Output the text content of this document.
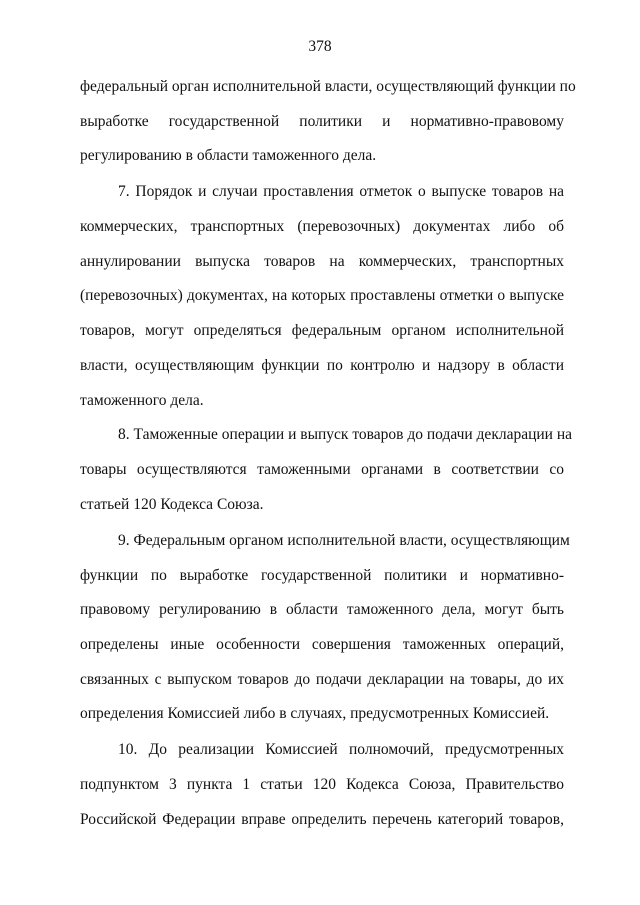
378
федеральный орган исполнительной власти, осуществляющий функции по
выработке государственной политики и нормативно-правовому
регулированию в области таможенного дела.
7. Порядок и случаи проставления отметок о выпуске товаров на
коммерческих, транспортных (перевозочных) документах либо об
аннулировании выпуска товаров на коммерческих, транспортных
(перевозочных) документах, на которых проставлены отметки о выпуске
товаров, могут определяться федеральным органом исполнительной
власти, осуществляющим функции по контролю и надзору в области
таможенного дела.
8. Таможенные операции и выпуск товаров до подачи декларации на
товары осуществляются таможенными органами в соответствии со
статьей 120 Кодекса Союза.
9. Федеральным органом исполнительной власти, осуществляющим
функции по выработке государственной политики и нормативно-
правовому регулированию в области таможенного дела, могут быть
определены иные особенности совершения таможенных операций,
связанных с выпуском товаров до подачи декларации на товары, до их
определения Комиссией либо в случаях, предусмотренных Комиссией.
10. До реализации Комиссией полномочий, предусмотренных
подпунктом 3 пункта 1 статьи 120 Кодекса Союза, Правительство
Российской Федерации вправе определить перечень категорий товаров,
